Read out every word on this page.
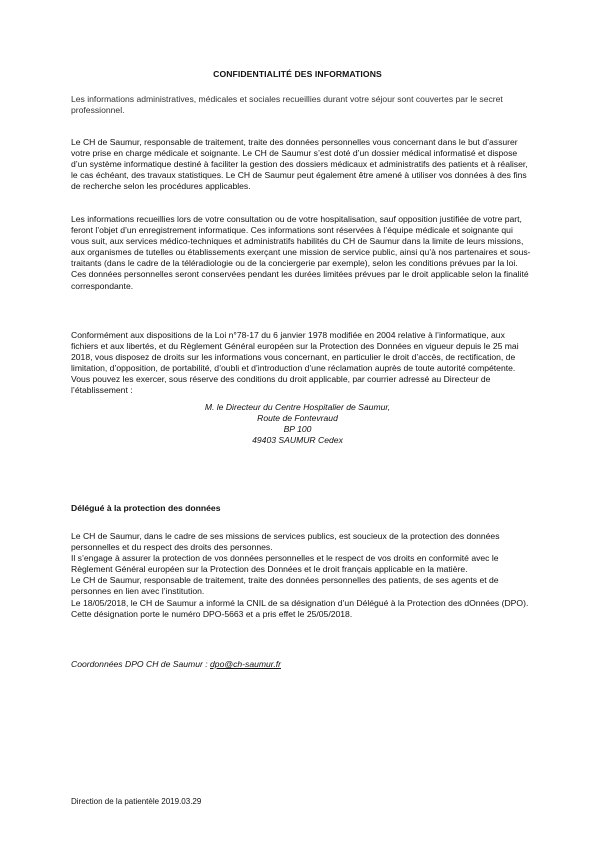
CONFIDENTIALITÉ DES INFORMATIONS

Les informations administratives, médicales et sociales recueillies durant votre séjour sont couvertes par le secret professionnel.

Le CH de Saumur, responsable de traitement, traite des données personnelles vous concernant dans le but d’assurer votre prise en charge médicale et soignante. Le CH de Saumur s’est doté d’un dossier médical informatisé et dispose d’un système informatique destiné à faciliter la gestion des dossiers médicaux et administratifs des patients et à réaliser, le cas échéant, des travaux statistiques. Le CH de Saumur peut également être amené à utiliser vos données à des fins de recherche selon les procédures applicables.

Les informations recueillies lors de votre consultation ou de votre hospitalisation, sauf opposition justifiée de votre part, feront l’objet d’un enregistrement informatique. Ces informations sont réservées à l’équipe médicale et soignante qui vous suit, aux services médico-techniques et administratifs habilités du CH de Saumur dans la limite de leurs missions, aux organismes de tutelles ou établissements exerçant une mission de service public, ainsi qu’à nos partenaires et sous-traitants (dans le cadre de la téléradiologie ou de la conciergerie par exemple), selon les conditions prévues par la loi.

Ces données personnelles seront conservées pendant les durées limitées prévues par le droit applicable selon la finalité correspondante.

Conformément aux dispositions de la Loi n°78-17 du 6 janvier 1978 modifiée en 2004 relative à l’informatique, aux fichiers et aux libertés, et du Règlement Général européen sur la Protection des Données en vigueur depuis le 25 mai 2018, vous disposez de droits sur les informations vous concernant, en particulier le droit d’accès, de rectification, de limitation, d’opposition, de portabilité, d’oubli et d’introduction d’une réclamation auprès de toute autorité compétente. Vous pouvez les exercer, sous réserve des conditions du droit applicable, par courrier adressé au Directeur de l’établissement :

M. le Directeur du Centre Hospitalier de Saumur,
Route de Fontevraud
BP 100
49403 SAUMUR Cedex
Délégué à la protection des données

Le CH de Saumur, dans le cadre de ses missions de services publics, est soucieux de la protection des données personnelles et du respect des droits des personnes.

Il s’engage à assurer la protection de vos données personnelles et le respect de vos droits en conformité avec le Règlement Général européen sur la Protection des Données et le droit français applicable en la matière.

Le CH de Saumur, responsable de traitement, traite des données personnelles des patients, de ses agents et de personnes en lien avec l’institution.

Le 18/05/2018, le CH de Saumur a informé la CNIL de sa désignation d’un Délégué à la Protection des dOnnées (DPO). Cette désignation porte le numéro DPO-5663 et a pris effet le 25/05/2018.

Coordonnées DPO CH de Saumur : dpo@ch-saumur.fr
Direction de la patientèle 2019.03.29
